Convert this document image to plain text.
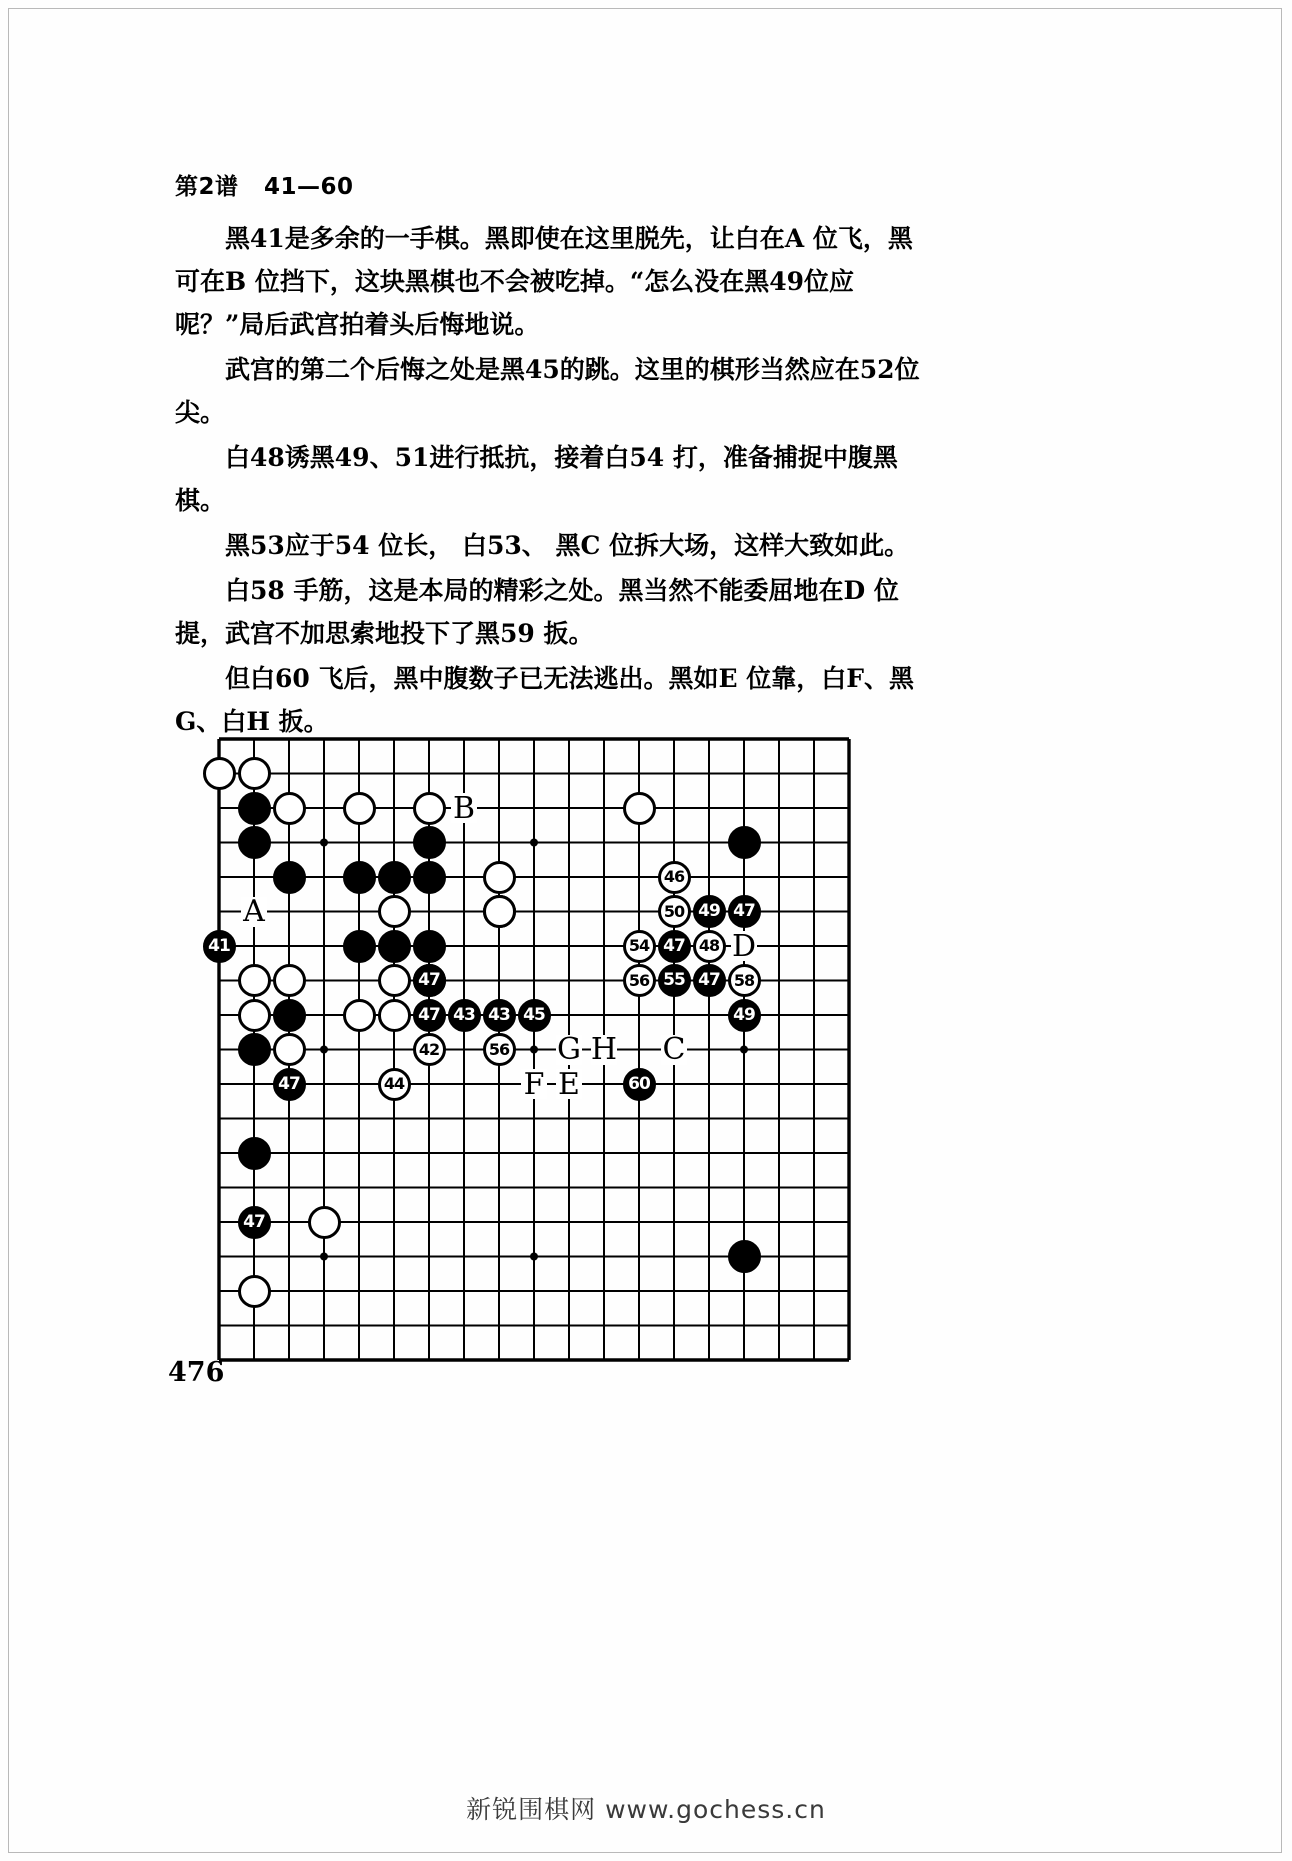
第2谱   41—60

黑41是多余的一手棋。黑即使在这里脱先，让白在A 位飞，黑可在B 位挡下，这块黑棋也不会被吃掉。“怎么没在黑49位应呢？”局后武宫拍着头后悔地说。

武宫的第二个后悔之处是黑45的跳。这里的棋形当然应在52位尖。

白48诱黑49、51进行抵抗，接着白54 打，准备捕捉中腹黑棋。

黑53应于54 位长， 白53、 黑C 位拆大场，这样大致如此。

白58 手筋，这是本局的精彩之处。黑当然不能委屈地在D 位提，武宫不加思索地投下了黑59 扳。

但白60 飞后，黑中腹数子已无法逃出。黑如E 位靠，白F、黑G、白H 扳。

46
50 49 47
54 47 48
56 55 47 58
49
41
47
47 43 43 45
42	56
44
47
47
60
B
A
D
G H C
F E
476
新锐围棋网 www.gochess.cn
